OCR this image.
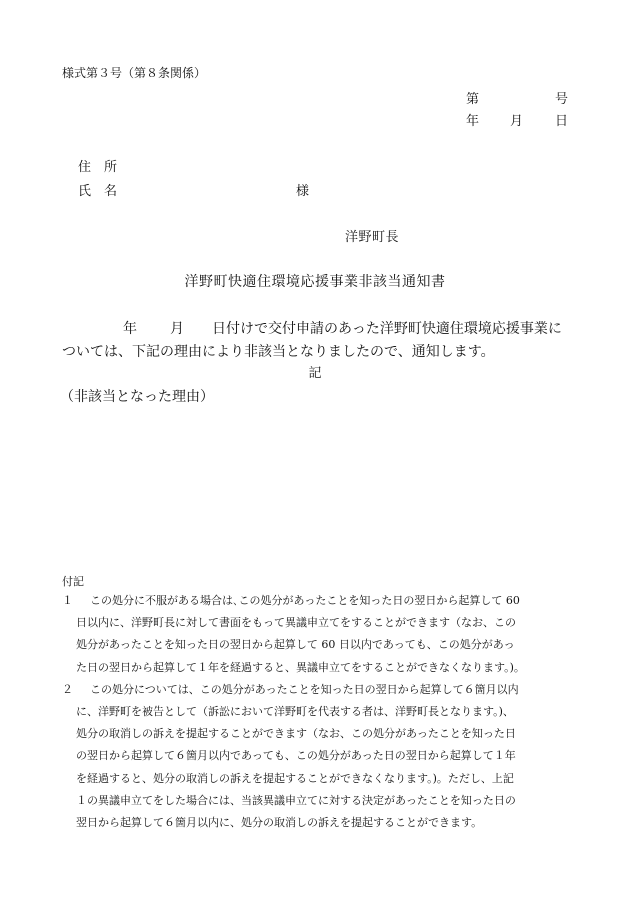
様式第３号（第８条関係）
第	号
年 月 日
住　所
氏　名	様
洋野町長
洋野町快適住環境応援事業非該当通知書
年 月 日付けで交付申請のあった洋野町快適住環境応援事業に
ついては、下記の理由により非該当となりましたので、通知します。
記
（非該当となった理由）
付記
１	この処分に不服がある場合は､この処分があったことを知った日の翌日から起算して 60

日以内に、洋野町長に対して書面をもって異議申立てをすることができます（なお、この

処分があったことを知った日の翌日から起算して 60 日以内であっても、この処分があっ

た日の翌日から起算して１年を経過すると、異議申立てをすることができなくなります。)。

２	この処分については、この処分があったことを知った日の翌日から起算して６箇月以内

に、洋野町を被告として（訴訟において洋野町を代表する者は、洋野町長となります。)、

処分の取消しの訴えを提起することができます（なお、この処分があったことを知った日

の翌日から起算して６箇月以内であっても、この処分があった日の翌日から起算して１年

を経過すると、処分の取消しの訴えを提起することができなくなります。)。ただし、上記

１の異議申立てをした場合には、当該異議申立てに対する決定があったことを知った日の

翌日から起算して６箇月以内に、処分の取消しの訴えを提起することができます。
